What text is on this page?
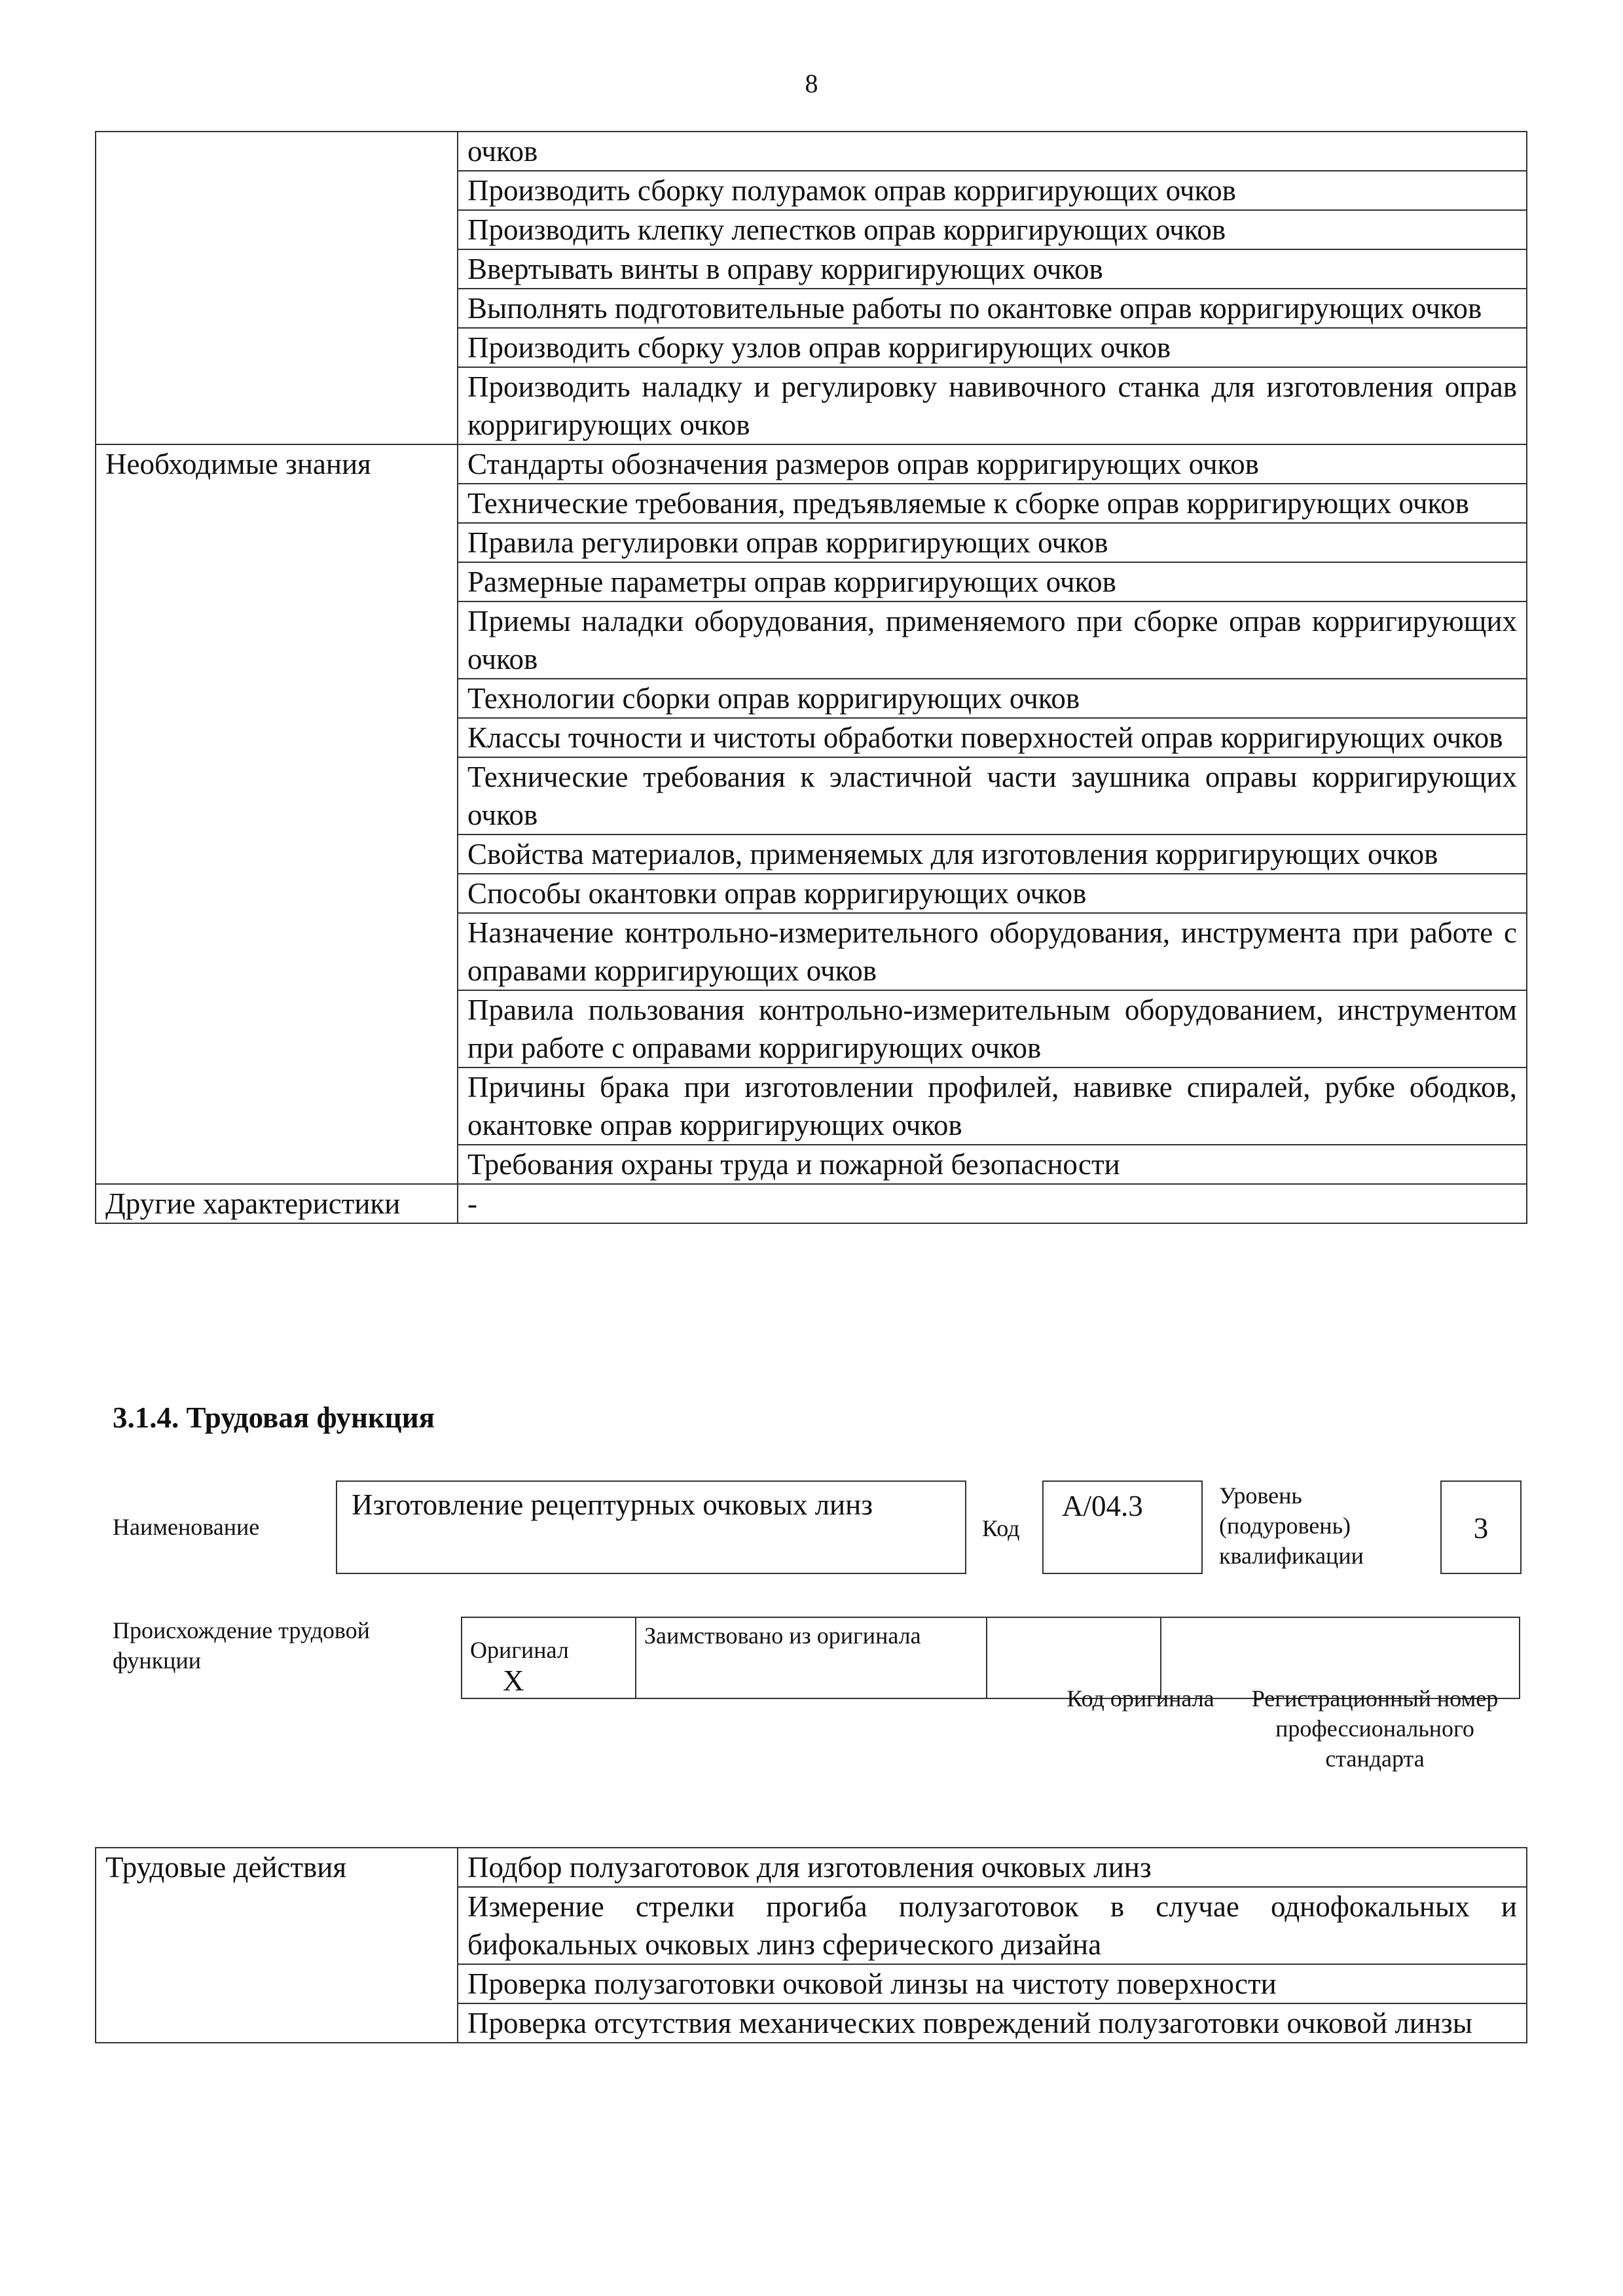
8
	очков
	Производить сборку полурамок оправ корригирующих очков
	Производить клепку лепестков оправ корригирующих очков
	Ввертывать винты в оправу корригирующих очков
	Выполнять подготовительные работы по окантовке оправ корригирующих очков
	Производить сборку узлов оправ корригирующих очков
	Производить наладку и регулировку навивочного станка для изготовления оправ корригирующих очков
Необходимые знания	Стандарты обозначения размеров оправ корригирующих очков
	Технические требования, предъявляемые к сборке оправ корригирующих очков
	Правила регулировки оправ корригирующих очков
	Размерные параметры оправ корригирующих очков
	Приемы наладки оборудования, применяемого при сборке оправ корригирующих очков
	Технологии сборки оправ корригирующих очков
	Классы точности и чистоты обработки поверхностей оправ корригирующих очков
	Технические требования к эластичной части заушника оправы корригирующих очков
	Свойства материалов, применяемых для изготовления корригирующих очков
	Способы окантовки оправ корригирующих очков
	Назначение контрольно-измерительного оборудования, инструмента при работе с оправами корригирующих очков
	Правила пользования контрольно-измерительным оборудованием, инструментом при работе с оправами корригирующих очков
	Причины брака при изготовлении профилей, навивке спиралей, рубке ободков, окантовке оправ корригирующих очков
	Требования охраны труда и пожарной безопасности
Другие характеристики	-
3.1.4. Трудовая функция
Наименование
Изготовление рецептурных очковых линз
Код
А/04.3	Уровень (подуровень) квалификации
3
Происхождение трудовой функции	Оригинал X	Заимствовано из оригинала		
Код оригинала	Регистрационный номер профессионального стандарта
Трудовые действия	Подбор полузаготовок для изготовления очковых линз
Измерение стрелки прогиба полузаготовок в случае однофокальных и бифокальных очковых линз сферического дизайна
Проверка полузаготовки очковой линзы на чистоту поверхности
Проверка отсутствия механических повреждений полузаготовки очковой линзы
